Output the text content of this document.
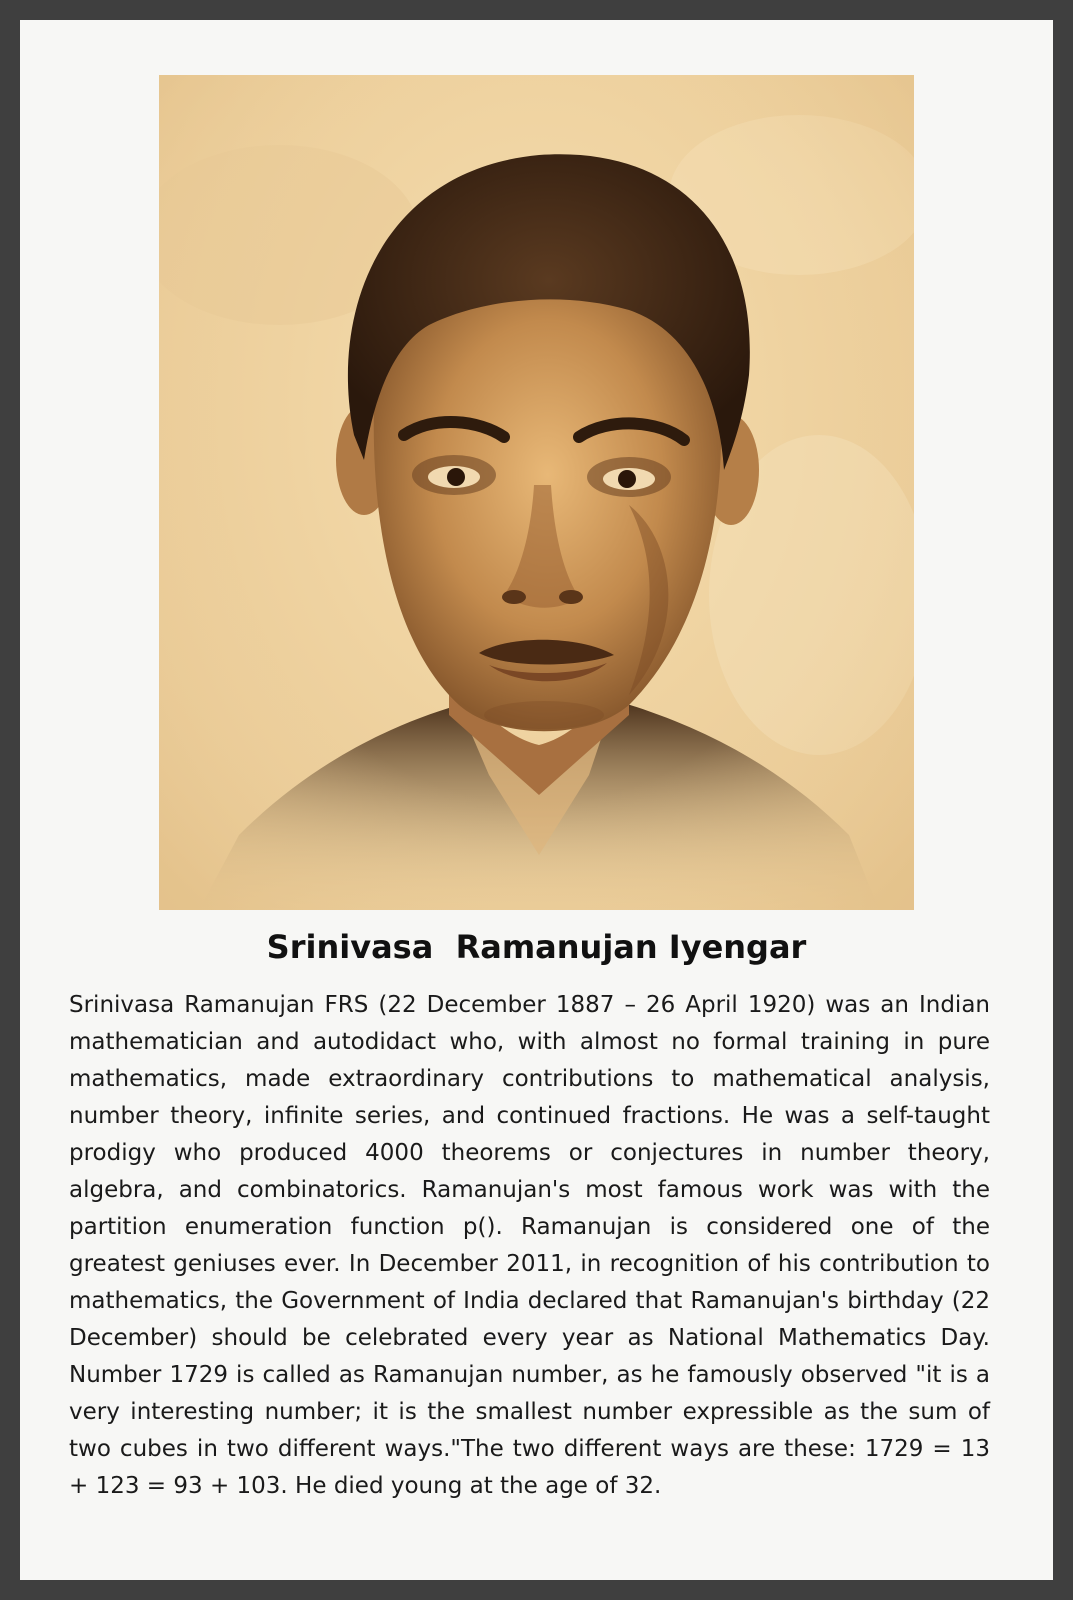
Srinivasa  Ramanujan Iyengar

Srinivasa Ramanujan FRS (22 December 1887 – 26 April 1920) was an Indian mathematician and autodidact who, with almost no formal training in pure mathematics, made extraordinary contributions to mathematical analysis, number theory, infinite series, and continued fractions. He was a self-taught prodigy who produced 4000 theorems or conjectures in number theory, algebra, and combinatorics. Ramanujan's most famous work was with the partition enumeration function p(). Ramanujan is considered one of the greatest geniuses ever. In December 2011, in recognition of his contribution to mathematics, the Government of India declared that Ramanujan's birthday (22 December) should be celebrated every year as National Mathematics Day. Number 1729 is called as Ramanujan number, as he famously observed "it is a very interesting number; it is the smallest number expressible as the sum of two cubes in two different ways."The two different ways are these: 1729 = 13 + 123 = 93 + 103. He died young at the age of 32.
